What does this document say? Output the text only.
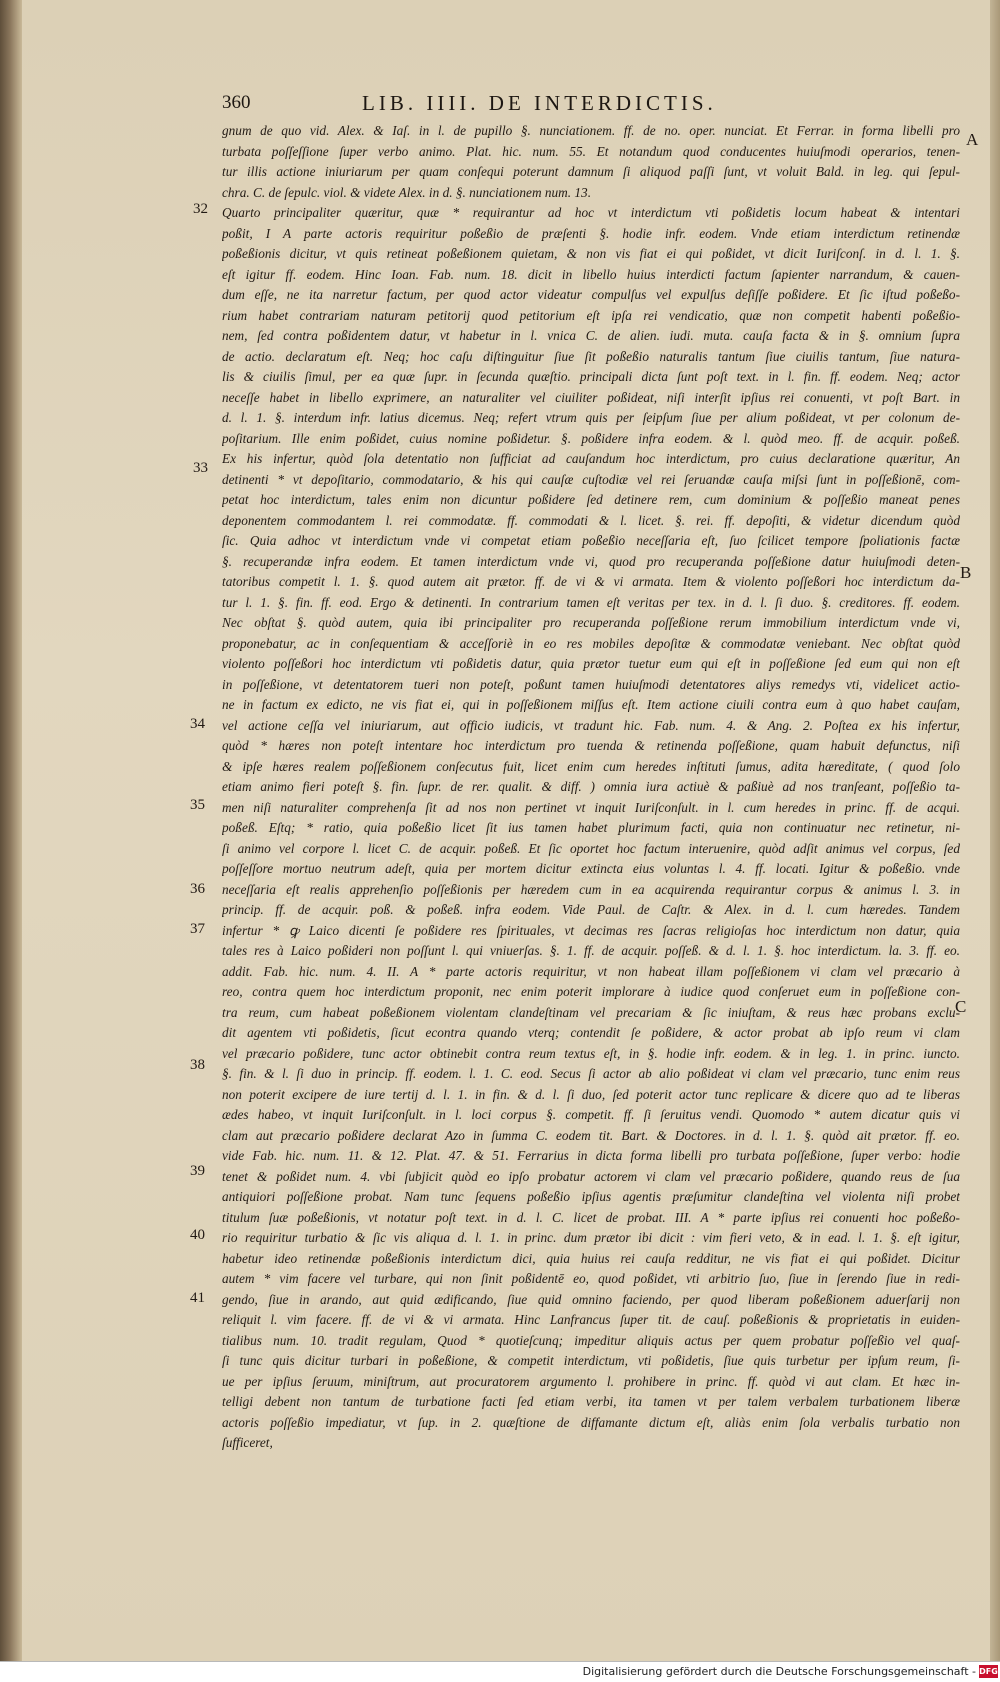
360	LIB. IIII. DE INTERDICTIS.
gnum de quo vid. Alex. & Iaſ. in l. de pupillo §. nunciationem. ff. de no. oper. nunciat. Et Ferrar. in forma libelli pro
turbata poſſeſſione ſuper verbo animo. Plat. hic. num. 55. Et notandum quod conducentes huiuſmodi operarios, tenen-
tur illis actione iniuriarum per quam conſequi poterunt damnum ſi aliquod paſſi ſunt, vt voluit Bald. in leg. qui ſepul-
chra. C. de ſepulc. viol. & videte Alex. in d. §. nunciationem num. 13.
Quarto principaliter quæritur, quæ * requirantur ad hoc vt interdictum vti poßidetis locum habeat & intentari
poßit, I A parte actoris requiritur poßeßio de præſenti §. hodie infr. eodem. Vnde etiam interdictum retinendæ
poßeßionis dicitur, vt quis retineat poßeßionem quietam, & non vis fiat ei qui poßidet, vt dicit Iuriſconſ. in d. l. 1. §.
eſt igitur ff. eodem. Hinc Ioan. Fab. num. 18. dicit in libello huius interdicti factum ſapienter narrandum, & cauen-
dum eſſe, ne ita narretur factum, per quod actor videatur compulſus vel expulſus deſiſſe poßidere. Et ſic iſtud poßeßo-
rium habet contrariam naturam petitorij quod petitorium eſt ipſa rei vendicatio, quæ non competit habenti poßeßio-
nem, ſed contra poßidentem datur, vt habetur in l. vnica C. de alien. iudi. muta. cauſa facta & in §. omnium ſupra
de actio. declaratum eſt. Neq; hoc caſu diſtinguitur ſiue ſit poßeßio naturalis tantum ſiue ciuilis tantum, ſiue natura-
lis & ciuilis ſimul, per ea quæ ſupr. in ſecunda quæſtio. principali dicta ſunt poſt text. in l. fin. ff. eodem. Neq; actor
neceſſe habet in libello exprimere, an naturaliter vel ciuiliter poßideat, niſi interſit ipſius rei conuenti, vt poſt Bart. in
d. l. 1. §. interdum infr. latius dicemus. Neq; refert vtrum quis per ſeipſum ſiue per alium poßideat, vt per colonum de-
poſitarium. Ille enim poßidet, cuius nomine poßidetur. §. poßidere infra eodem. & l. quòd meo. ff. de acquir. poßeß.
Ex his infertur, quòd ſola detentatio non ſufficiat ad cauſandum hoc interdictum, pro cuius declaratione quæritur, An
detinenti * vt depoſitario, commodatario, & his qui cauſæ cuſtodiæ vel rei ſeruandæ cauſa miſsi ſunt in poſſeßionē, com-
petat hoc interdictum, tales enim non dicuntur poßidere ſed detinere rem, cum dominium & poſſeßio maneat penes
deponentem commodantem l. rei commodatæ. ff. commodati & l. licet. §. rei. ff. depoſiti, & videtur dicendum quòd
ſic. Quia adhoc vt interdictum vnde vi competat etiam poßeßio neceſſaria eſt, ſuo ſcilicet tempore ſpoliationis factæ
§. recuperandæ infra eodem. Et tamen interdictum vnde vi, quod pro recuperanda poſſeßione datur huiuſmodi deten-
tatoribus competit l. 1. §. quod autem ait prætor. ff. de vi & vi armata. Item & violento poſſeßori hoc interdictum da-
tur l. 1. §. fin. ff. eod. Ergo & detinenti. In contrarium tamen eſt veritas per tex. in d. l. ſi duo. §. creditores. ff. eodem.
Nec obſtat §. quòd autem, quia ibi principaliter pro recuperanda poſſeßione rerum immobilium interdictum vnde vi,
proponebatur, ac in conſequentiam & acceſſoriè in eo res mobiles depoſitæ & commodatæ veniebant. Nec obſtat quòd
violento poſſeßori hoc interdictum vti poßidetis datur, quia prætor tuetur eum qui eſt in poſſeßione ſed eum qui non eſt
in poſſeßione, vt detentatorem tueri non poteſt, poßunt tamen huiuſmodi detentatores aliys remedys vti, videlicet actio-
ne in factum ex edicto, ne vis fiat ei, qui in poſſeßionem miſſus eſt. Item actione ciuili contra eum à quo habet cauſam,
vel actione ceſſa vel iniuriarum, aut officio iudicis, vt tradunt hic. Fab. num. 4. & Ang. 2. Poſtea ex his infertur,
quòd * hæres non poteſt intentare hoc interdictum pro tuenda & retinenda poſſeßione, quam habuit defunctus, niſi
& ipſe hæres realem poſſeßionem conſecutus fuit, licet enim cum heredes inſtituti ſumus, adita hæreditate, ( quod ſolo
etiam animo fieri poteſt §. fin. ſupr. de rer. qualit. & diff. ) omnia iura actiuè & paßiuè ad nos tranſeant, poſſeßio ta-
men niſi naturaliter comprehenſa ſit ad nos non pertinet vt inquit Iuriſconſult. in l. cum heredes in princ. ff. de acqui.
poßeß. Eſtq; * ratio, quia poßeßio licet ſit ius tamen habet plurimum facti, quia non continuatur nec retinetur, ni-
ſi animo vel corpore l. licet C. de acquir. poßeß. Et ſic oportet hoc factum interuenire, quòd adſit animus vel corpus, ſed
poſſeſſore mortuo neutrum adeſt, quia per mortem dicitur extincta eius voluntas l. 4. ff. locati. Igitur & poßeßio. vnde
neceſſaria eſt realis apprehenſio poſſeßionis per hæredem cum in ea acquirenda requirantur corpus & animus l. 3. in
princip. ff. de acquir. poß. & poßeß. infra eodem. Vide Paul. de Caſtr. & Alex. in d. l. cum hæredes. Tandem
infertur * ꝙ Laico dicenti ſe poßidere res ſpirituales, vt decimas res ſacras religioſas hoc interdictum non datur, quia
tales res à Laico poßideri non poſſunt l. qui vniuerſas. §. 1. ff. de acquir. poſſeß. & d. l. 1. §. hoc interdictum. la. 3. ff. eo.
addit. Fab. hic. num. 4. II. A * parte actoris requiritur, vt non habeat illam poſſeßionem vi clam vel præcario à
reo, contra quem hoc interdictum proponit, nec enim poterit implorare à iudice quod conſeruet eum in poſſeßione con-
tra reum, cum habeat poßeßionem violentam clandeſtinam vel precariam & ſic iniuſtam, & reus hæc probans exclu-
dit agentem vti poßidetis, ſicut econtra quando vterq; contendit ſe poßidere, & actor probat ab ipſo reum vi clam
vel præcario poßidere, tunc actor obtinebit contra reum textus eſt, in §. hodie infr. eodem. & in leg. 1. in princ. iuncto.
§. fin. & l. ſi duo in princip. ff. eodem. l. 1. C. eod. Secus ſi actor ab alio poßideat vi clam vel præcario, tunc enim reus
non poterit excipere de iure tertij d. l. 1. in fin. & d. l. ſi duo, ſed poterit actor tunc replicare & dicere quo ad te liberas
ædes habeo, vt inquit Iuriſconſult. in l. loci corpus §. competit. ff. ſi ſeruitus vendi. Quomodo * autem dicatur quis vi
clam aut præcario poßidere declarat Azo in ſumma C. eodem tit. Bart. & Doctores. in d. l. 1. §. quòd ait prætor. ff. eo.
vide Fab. hic. num. 11. & 12. Plat. 47. & 51. Ferrarius in dicta forma libelli pro turbata poſſeßione, ſuper verbo: hodie
tenet & poßidet num. 4. vbi ſubjicit quòd eo ipſo probatur actorem vi clam vel præcario poßidere, quando reus de ſua
antiquiori poſſeßione probat. Nam tunc ſequens poßeßio ipſius agentis præſumitur clandeſtina vel violenta niſi probet
titulum ſuæ poßeßionis, vt notatur poſt text. in d. l. C. licet de probat. III. A * parte ipſius rei conuenti hoc poßeßo-
rio requiritur turbatio & ſic vis aliqua d. l. 1. in princ. dum prætor ibi dicit : vim fieri veto, & in ead. l. 1. §. eſt igitur,
habetur ideo retinendæ poßeßionis interdictum dici, quia huius rei cauſa redditur, ne vis fiat ei qui poßidet. Dicitur
autem * vim facere vel turbare, qui non ſinit poßidentē eo, quod poßidet, vti arbitrio ſuo, ſiue in ſerendo ſiue in redi-
gendo, ſiue in arando, aut quid ædificando, ſiue quid omnino faciendo, per quod liberam poßeßionem aduerſarij non
reliquit l. vim facere. ff. de vi & vi armata. Hinc Lanfrancus ſuper tit. de cauſ. poßeßionis & proprietatis in euiden-
tialibus num. 10. tradit regulam, Quod * quotieſcunq; impeditur aliquis actus per quem probatur poſſeßio vel quaſ-
ſi tunc quis dicitur turbari in poßeßione, & competit interdictum, vti poßidetis, ſiue quis turbetur per ipſum reum, ſi-
ue per ipſius ſeruum, miniſtrum, aut procuratorem argumento l. prohibere in princ. ff. quòd vi aut clam. Et hæc in-
telligi debent non tantum de turbatione facti ſed etiam verbi, ita tamen vt per talem verbalem turbationem liberæ
actoris poſſeßio impediatur, vt ſup. in 2. quæſtione de diffamante dictum eſt, aliàs enim ſola verbalis turbatio non
ſufficeret,
32
33
34
35
36
37
38
39
40
41
A
B
C
Digitalisierung gefördert durch die Deutsche Forschungsgemeinschaft - DFG
